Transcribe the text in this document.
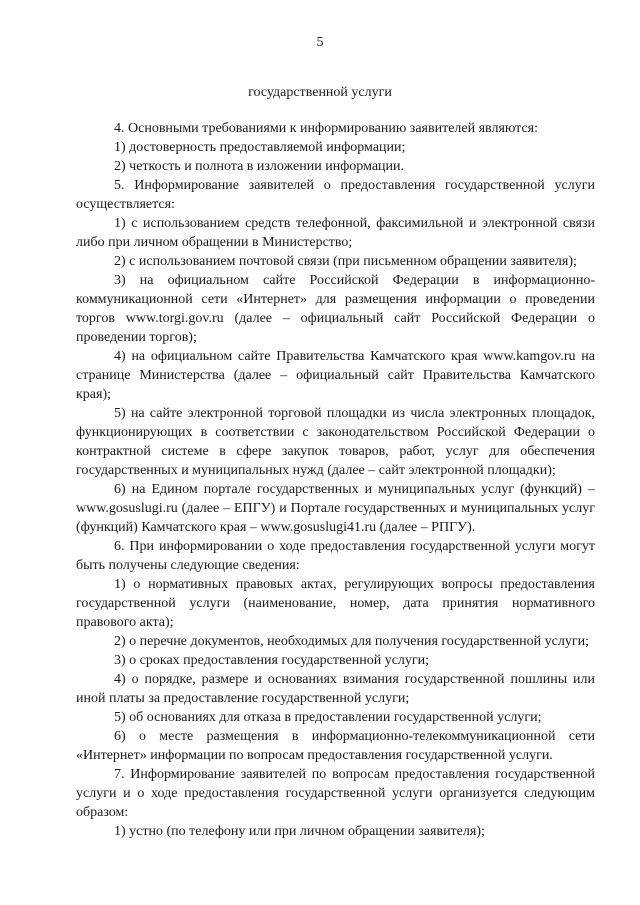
5
государственной услуги

4. Основными требованиями к информированию заявителей являются:

1) достоверность предоставляемой информации;

2) четкость и полнота в изложении информации.

5. Информирование заявителей о предоставления государственной услуги осуществляется:

1) с использованием средств телефонной, факсимильной и электронной связи либо при личном обращении в Министерство;

2) с использованием почтовой связи (при письменном обращении заявителя);

3) на официальном сайте Российской Федерации в информационно-коммуникационной сети «Интернет» для размещения информации о проведении торгов www.torgi.gov.ru (далее – официальный сайт Российской Федерации о проведении торгов);

4) на официальном сайте Правительства Камчатского края www.kamgov.ru на странице Министерства (далее – официальный сайт Правительства Камчатского края);

5) на сайте электронной торговой площадки из числа электронных площадок, функционирующих в соответствии с законодательством Российской Федерации о контрактной системе в сфере закупок товаров, работ, услуг для обеспечения государственных и муниципальных нужд (далее – сайт электронной площадки);

6) на Едином портале государственных и муниципальных услуг (функций) – www.gosuslugi.ru (далее – ЕПГУ) и Портале государственных и муниципальных услуг (функций) Камчатского края – www.gosuslugi41.ru (далее – РПГУ).

6. При информировании о ходе предоставления государственной услуги могут быть получены следующие сведения:

1) о нормативных правовых актах, регулирующих вопросы предоставления государственной услуги (наименование, номер, дата принятия нормативного правового акта);

2) о перечне документов, необходимых для получения государственной услуги;

3) о сроках предоставления государственной услуги;

4) о порядке, размере и основаниях взимания государственной пошлины или иной платы за предоставление государственной услуги;

5) об основаниях для отказа в предоставлении государственной услуги;

6) о месте размещения в информационно-телекоммуникационной сети «Интернет» информации по вопросам предоставления государственной услуги.

7. Информирование заявителей по вопросам предоставления государственной услуги и о ходе предоставления государственной услуги организуется следующим образом:

1) устно (по телефону или при личном обращении заявителя);
